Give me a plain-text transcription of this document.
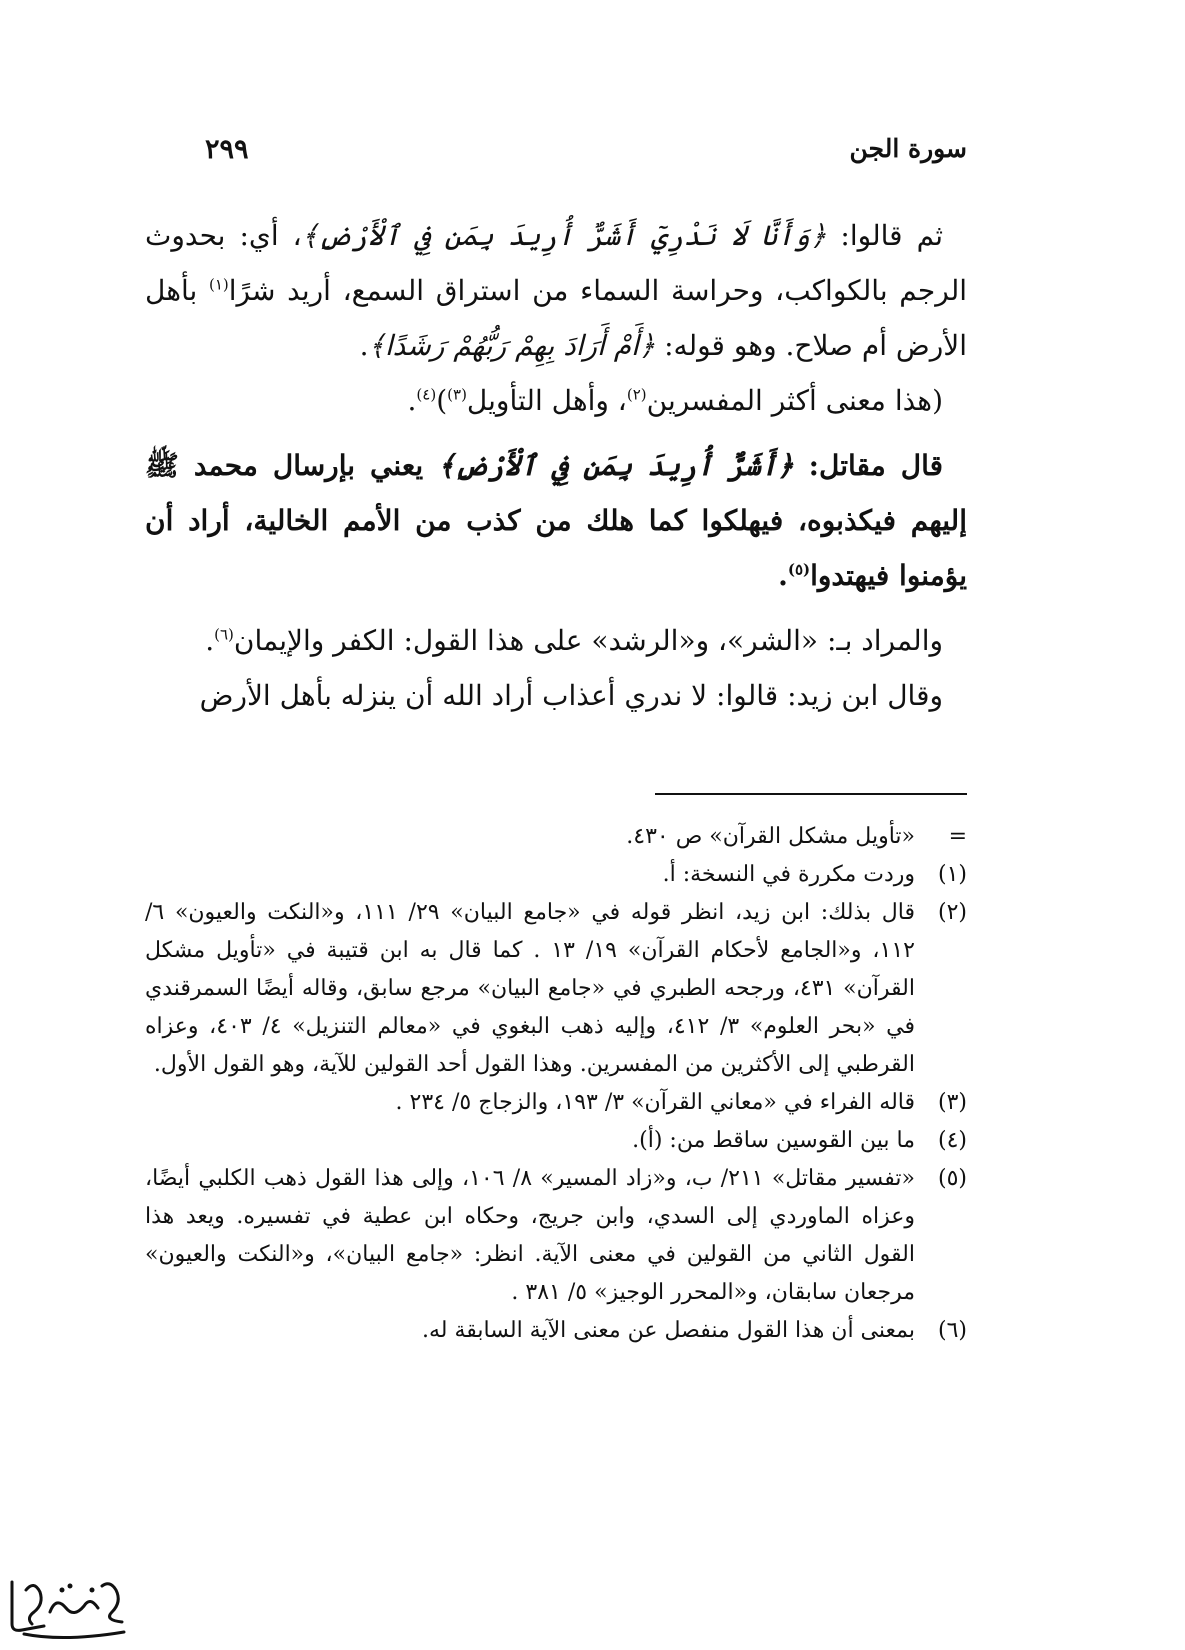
سورة الجن
٢٩٩

ثم قالوا: ﴿وَأَنَّا لَا نَدْرِيٓ أَشَرٌّ أُرِيدَ بِمَن فِي ٱلْأَرْضِ﴾، أي: بحدوث الرجم بالكواكب، وحراسة السماء من استراق السمع، أريد شرًا$^{(١)}$ بأهل الأرض أم صلاح. وهو قوله: ﴿أَمْ أَرَادَ بِهِمْ رَبُّهُمْ رَشَدًا﴾.

(هذا معنى أكثر المفسرين$^{(٢)}$، وأهل التأويل$^{(٣)}$)$^{(٤)}$.

قال مقاتل: ﴿أَشَرٌّ أُرِيدَ بِمَن فِي ٱلْأَرْضِ﴾ يعني بإرسال محمد ﷺ إليهم فيكذبوه، فيهلكوا كما هلك من كذب من الأمم الخالية، أراد أن يؤمنوا فيهتدوا$^{(٥)}$.

والمراد بـ: «الشر»، و«الرشد» على هذا القول: الكفر والإيمان$^{(٦)}$.

وقال ابن زيد: قالوا: لا ندري أعذاب أراد الله أن ينزله بأهل الأرض

=
«تأويل مشكل القرآن» ص ٤٣٠.
(١)
وردت مكررة في النسخة: أ.
(٢)
قال بذلك: ابن زيد، انظر قوله في «جامع البيان» ٢٩/ ١١١، و«النكت والعيون» ٦/ ١١٢، و«الجامع لأحكام القرآن» ١٩/ ١٣ . كما قال به ابن قتيبة في «تأويل مشكل القرآن» ٤٣١، ورجحه الطبري في «جامع البيان» مرجع سابق، وقاله أيضًا السمرقندي في «بحر العلوم» ٣/ ٤١٢، وإليه ذهب البغوي في «معالم التنزيل» ٤/ ٤٠٣، وعزاه القرطبي إلى الأكثرين من المفسرين. وهذا القول أحد القولين للآية، وهو القول الأول.
(٣)
قاله الفراء في «معاني القرآن» ٣/ ١٩٣، والزجاج ٥/ ٢٣٤ .
(٤)
ما بين القوسين ساقط من: (أ).
(٥)
«تفسير مقاتل» ٢١١/ ب، و«زاد المسير» ٨/ ١٠٦، وإلى هذا القول ذهب الكلبي أيضًا، وعزاه الماوردي إلى السدي، وابن جريج، وحكاه ابن عطية في تفسيره. ويعد هذا القول الثاني من القولين في معنى الآية. انظر: «جامع البيان»، و«النكت والعيون» مرجعان سابقان، و«المحرر الوجيز» ٥/ ٣٨١ .
(٦)
بمعنى أن هذا القول منفصل عن معنى الآية السابقة له.
